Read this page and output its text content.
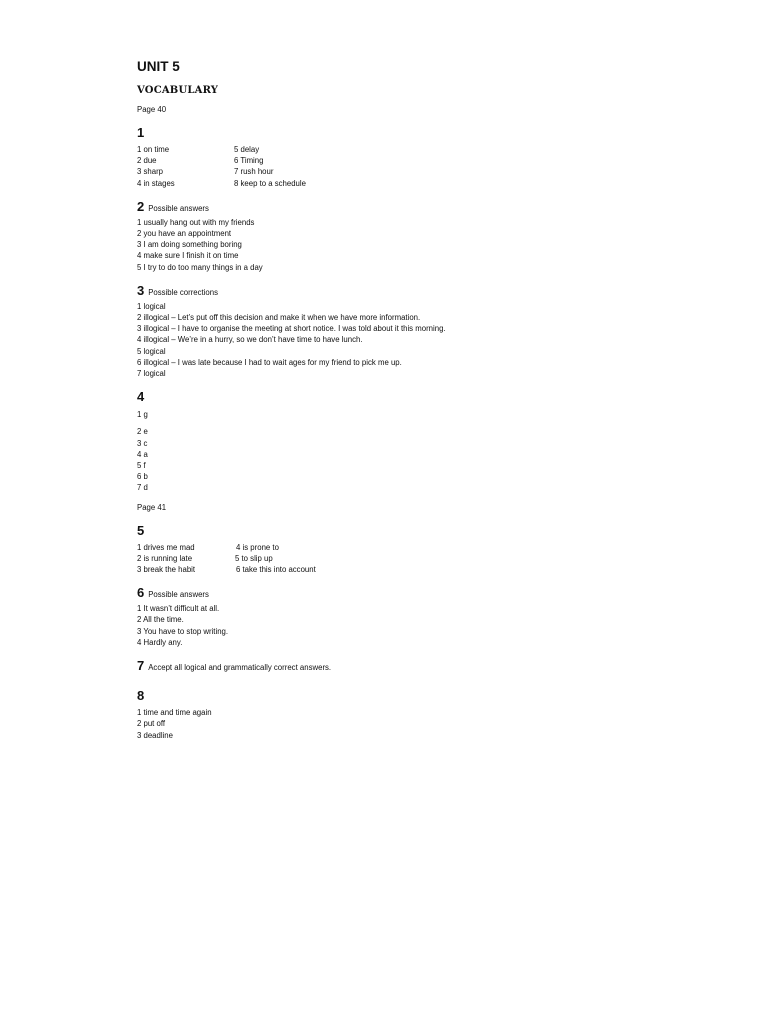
UNIT 5
VOCABULARY
Page 40
1
1 on time
2 due
3 sharp
4 in stages
5 delay
6 Timing
7 rush hour
8 keep to a schedule
2 Possible answers
1 usually hang out with my friends
2 you have an appointment
3 I am doing something boring
4 make sure I finish it on time
5 I try to do too many things in a day
3 Possible corrections
1 logical
2 illogical – Let’s put off this decision and make it when we have more information.
3 illogical – I have to organise the meeting at short notice. I was told about it this morning.
4 illogical – We’re in a hurry, so we don’t have time to have lunch.
5 logical
6 illogical – I was late because I had to wait ages for my friend to pick me up.
7 logical
4
1 g
2 e
3 c
4 a
5 f
6 b
7 d
Page 41
5
1 drives me mad
2 is running late
3 break the habit
4 is prone to
5 to slip up
6 take this into account
6 Possible answers
1 It wasn’t difficult at all.
2 All the time.
3 You have to stop writing.
4 Hardly any.
7 Accept all logical and grammatically correct answers.
8
1 time and time again
2 put off
3 deadline
